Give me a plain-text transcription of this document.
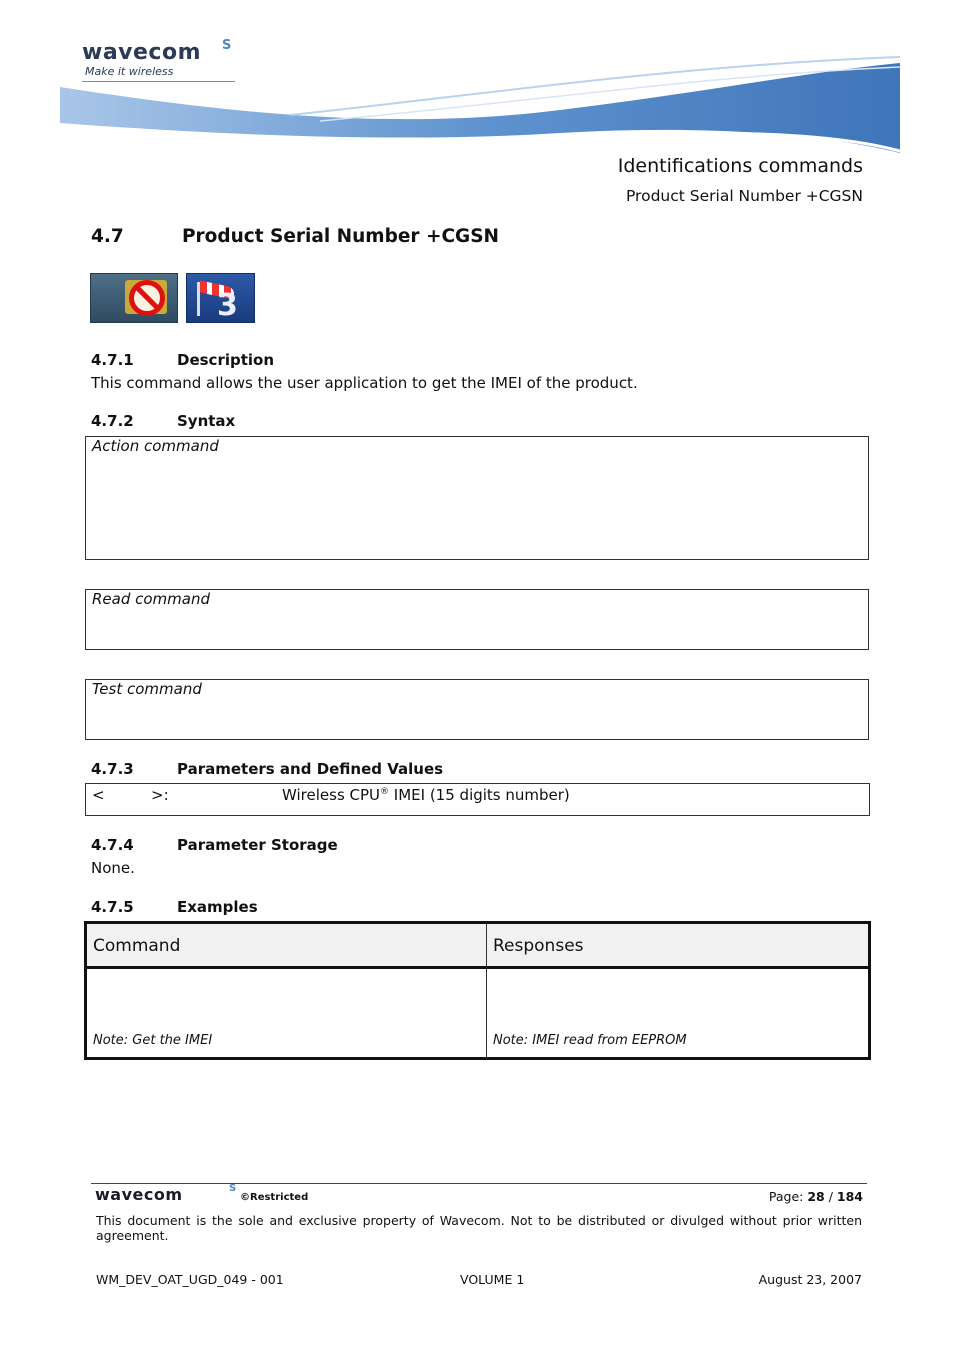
wavecom S
Make it wireless
Identifications commands
Product Serial Number +CGSN
4.7	Product Serial Number +CGSN
3
4.7.1	Description
This command allows the user application to get the IMEI of the product.
4.7.2	Syntax
Action command
Read command
Test command
4.7.3	Parameters and Defined Values
<	>:	Wireless CPU® IMEI (15 digits number)
4.7.4	Parameter Storage
None.
4.7.5	Examples
Command	Responses
Note: Get the IMEI	Note: IMEI read from EEPROM
wavecom	S
©Restricted	Page: 28 / 184
This document is the sole and exclusive property of Wavecom. Not to be distributed or divulged without prior written agreement.
WM_DEV_OAT_UGD_049 - 001	VOLUME 1	August 23, 2007
